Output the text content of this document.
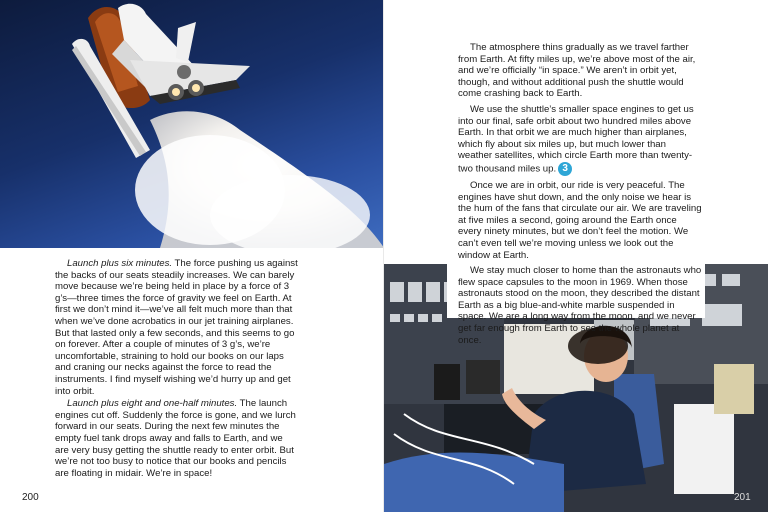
Launch plus six minutes. The force pushing us against the backs of our seats steadily increases. We can barely move because we’re being held in place by a force of 3 g’s—three times the force of gravity we feel on Earth. At first we don’t mind it—we’ve all felt much more than that when we’ve done acrobatics in our jet training airplanes. But that lasted only a few seconds, and this seems to go on forever. After a couple of minutes of 3 g’s, we’re uncomfortable, straining to hold our books on our laps and craning our necks against the force to read the instruments. I find myself wishing we’d hurry up and get into orbit.

Launch plus eight and one-half minutes. The launch engines cut off. Suddenly the force is gone, and we lurch forward in our seats. During the next few minutes the empty fuel tank drops away and falls to Earth, and we are very busy getting the shuttle ready to enter orbit. But we’re not too busy to notice that our books and pencils are floating in midair. We’re in space!

200

The atmosphere thins gradually as we travel farther from Earth. At fifty miles up, we’re above most of the air, and we’re officially “in space.” We aren’t in orbit yet, though, and without additional push the shuttle would come crashing back to Earth.

We use the shuttle’s smaller space engines to get us into our final, safe orbit about two hundred miles above Earth. In that orbit we are much higher than airplanes, which fly about six miles up, but much lower than weather satellites, which circle Earth more than twenty-two thousand miles up. 3

Once we are in orbit, our ride is very peaceful. The engines have shut down, and the only noise we hear is the hum of the fans that circulate our air. We are traveling at five miles a second, going around the Earth once every ninety minutes, but we don’t feel the motion. We can’t even tell we’re moving unless we look out the window at Earth.

We stay much closer to home than the astronauts who flew space capsules to the moon in 1969. When those astronauts stood on the moon, they described the distant Earth as a big blue-and-white marble suspended in space. We are a long way from the moon, and we never get far enough from Earth to see the whole planet at once.

201
